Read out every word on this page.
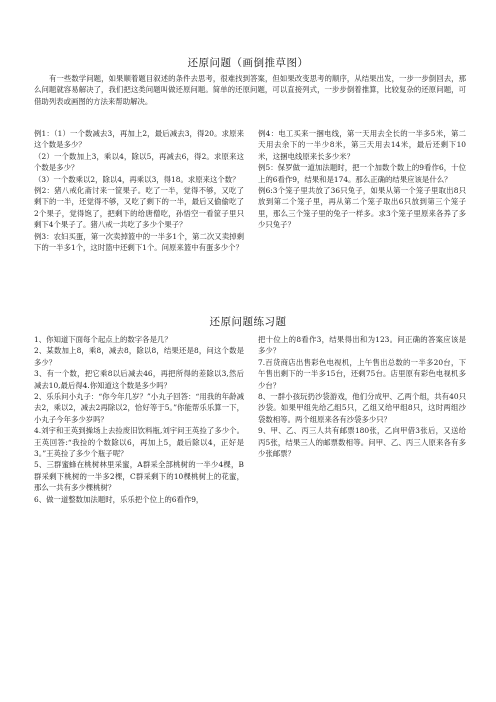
还原问题（画倒推草图）
有一些数学问题，如果顺着题目叙述的条件去思考，很难找到答案，但如果改变思考的顺序，从结果出发，一步一步倒回去，那么问题就容易解决了，我们把这类问题叫做还原问题。简单的还原问题，可以直接列式，一步步倒着推算，比较复杂的还原问题，可借助列表或画图的方法来帮助解决。

例1：（1）一个数减去3，再加上2，最后减去3，得20。求原来这个数是多少？

（2）一个数加上3，乘以4，除以5，再减去6，得2。求原来这个数是多少？

（3）一个数乘以2，除以4，再乘以3，得18。求原来这个数？

例2：猪八戒化斋讨来一筐果子。吃了一半，觉得不够，又吃了剩下的一半，还觉得不够，又吃了剩下的一半，最后又偷偷吃了2个果子，觉得饱了，把剩下的给唐僧吃，孙悟空一看筐子里只剩下4个果子了。猪八戒一共吃了多少个果子？

例3：农妇买蛋，第一次卖掉篮中的一半多1个，第二次又卖掉剩下的一半多1个，这时篮中还剩下1个。问原来篮中有蛋多少个？

例4：电工买来一捆电线，第一天用去全长的一半多5米，第二天用去余下的一半少8米，第三天用去14米，最后还剩下10米，这捆电线原来长多少米？

例5：保罗做一道加法题时，把一个加数个数上的9看作6，十位上的6看作9，结果和是174。那么正确的结果应该是什么？

例6:3个笼子里共放了36只兔子，如果从第一个笼子里取出8只放到第二个笼子里，再从第二个笼子取出6只放到第三个笼子里，那么三个笼子里的兔子一样多。求3个笼子里原来各养了多少只兔子？

还原问题练习题

1、你知道下面每个起点上的数字各是几？

2、某数加上8，乘8，减去8，除以8，结果还是8，问这个数是多少？

3、有一个数，把它乘8以后减去46，再把所得的差除以3,然后减去10,最后得4.你知道这个数是多少吗？

2、乐乐问小丸子：“你今年几岁？”小丸子回答：“用我的年龄减去2，乘以2，减去2再除以2，恰好等于5。”你能帮乐乐算一下，小丸子今年多少岁吗？

4.刘宇和王英到操场上去捡废旧饮料瓶,刘宇问王英捡了多少个。王英回答:“我捡的个数除以6，再加上5，最后除以4，正好是3。”王英捡了多少个瓶子呢？

5、三群蜜蜂在桃树林里采蜜，A群采全部桃树的一半少4棵，B群采剩下桃树的一半多2棵，C群采剩下的10棵桃树上的花蜜，那么一共有多少棵桃树？

6、做一道整数加法题时，乐乐把个位上的6看作9，

把十位上的8看作3，结果得出和为123。问正确的答案应该是多少？

7.百货商店出售彩色电视机，上午售出总数的一半多20台，下午售出剩下的一半多15台，还剩75台。店里原有彩色电视机多少台？

8、一群小孩玩扔沙袋游戏，他们分成甲、乙两个组，共有40只沙袋。如果甲组先给乙组5只，乙组又给甲组8只，这时两组沙袋数相等。两个组原来各有沙袋多少只？

9、甲、乙、丙三人共有邮票180张，乙向甲借3张后，又送给丙5张，结果三人的邮票数相等。问甲、乙、丙三人原来各有多少张邮票？
